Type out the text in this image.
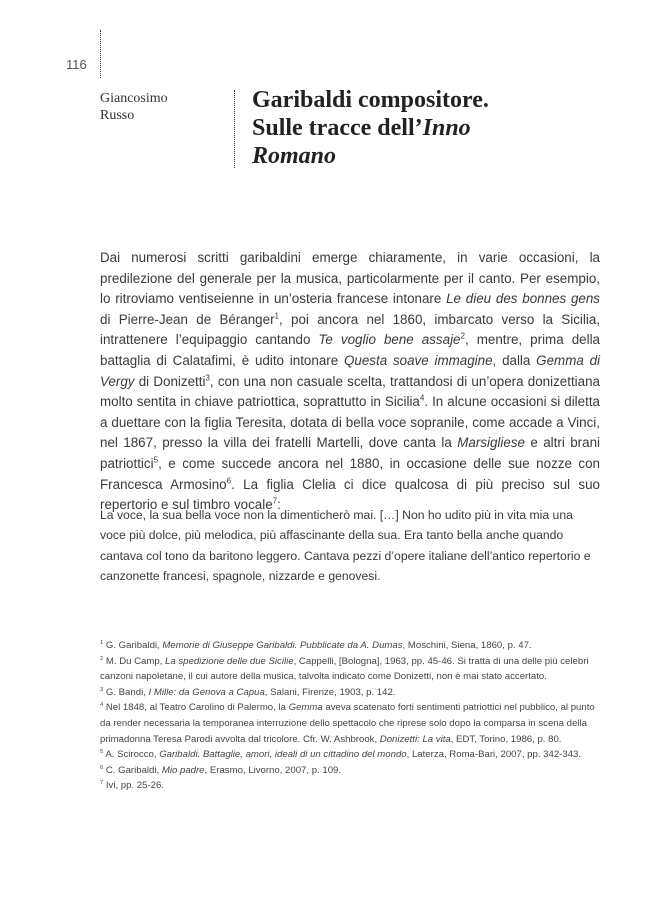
116
Giancosimo
Russo
Garibaldi compositore.
Sulle tracce dell’Inno
Romano

Dai numerosi scritti garibaldini emerge chiaramente, in varie occasioni, la predilezione del generale per la musica, particolarmente per il canto. Per esempio, lo ritroviamo ventiseienne in un’osteria francese intonare Le dieu des bonnes gens di Pierre-Jean de Béranger$^1$, poi ancora nel 1860, imbarcato verso la Sicilia, intrattenere l’equipaggio cantando Te voglio bene assaje$^2$, mentre, prima della battaglia di Calatafimi, è udito intonare Questa soave immagine, dalla Gemma di Vergy di Donizetti$^3$, con una non casuale scelta, trattandosi di un’opera donizettiana molto sentita in chiave patriottica, soprattutto in Sicilia$^4$. In alcune occasioni si diletta a duettare con la figlia Teresita, dotata di bella voce sopranile, come accade a Vinci, nel 1867, presso la villa dei fratelli Martelli, dove canta la Marsigliese e altri brani patriottici$^5$, e come succede ancora nel 1880, in occasione delle sue nozze con Francesca Armosino$^6$. La figlia Clelia ci dice qualcosa di più preciso sul suo repertorio e sul timbro vocale$^7$:

La voce, la sua bella voce non la dimenticherò mai. […] Non ho udito più in vita mia una voce più dolce, più melodica, più affascinante della sua. Era tanto bella anche quando cantava col tono da baritono leggero. Cantava pezzi d’opere italiane dell’antico repertorio e canzonette francesi, spagnole, nizzarde e genovesi.

$^1$ G. Garibaldi, Memorie di Giuseppe Garibaldi. Pubblicate da A. Dumas, Moschini, Siena, 1860, p. 47.

$^2$ M. Du Camp, La spedizione delle due Sicilie, Cappelli, [Bologna], 1963, pp. 45-46. Si tratta di una delle più celebri canzoni napoletane, il cui autore della musica, talvolta indicato come Donizetti, non è mai stato accertato.

$^3$ G. Bandi, I Mille: da Genova a Capua, Salani, Firenze, 1903, p. 142.

$^4$ Nel 1848, al Teatro Carolino di Palermo, la Gemma aveva scatenato forti sentimenti patriottici nel pubblico, al punto da render necessaria la temporanea interruzione dello spettacolo che riprese solo dopo la comparsa in scena della primadonna Teresa Parodi avvolta dal tricolore. Cfr. W. Ashbrook, Donizetti: La vita, EDT, Torino, 1986, p. 80.

$^5$ A. Scirocco, Garibaldi. Battaglie, amori, ideali di un cittadino del mondo, Laterza, Roma-Bari, 2007, pp. 342-343.

$^6$ C. Garibaldi, Mio padre, Erasmo, Livorno, 2007, p. 109.

$^7$ Ivi, pp. 25-26.
